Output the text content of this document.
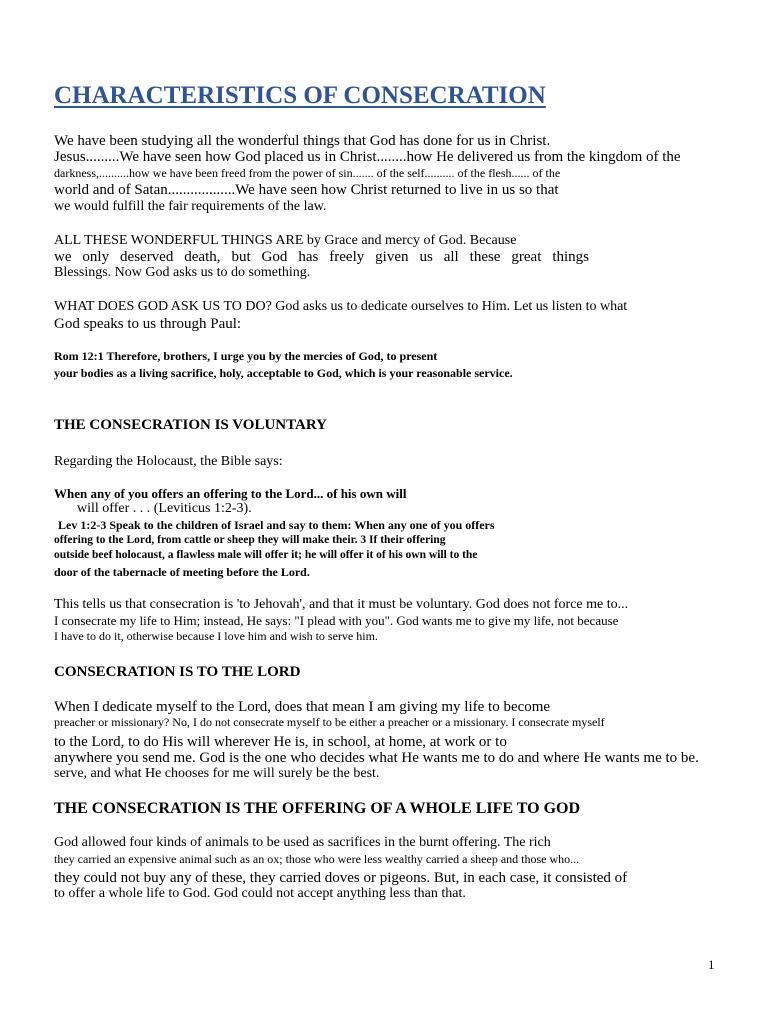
CHARACTERISTICS OF CONSECRATION
We have been studying all the wonderful things that God has done for us in Christ.
Jesus.........We have seen how God placed us in Christ........how He delivered us from the kingdom of the
darkness,..........how we have been freed from the power of sin....... of the self.......... of the flesh...... of the
world and of Satan..................We have seen how Christ returned to live in us so that
we would fulfill the fair requirements of the law.
ALL THESE WONDERFUL THINGS ARE by Grace and mercy of God. Because
we only deserved death, but God has freely given us all these great things
Blessings. Now God asks us to do something.
WHAT DOES GOD ASK US TO DO? God asks us to dedicate ourselves to Him. Let us listen to what
God speaks to us through Paul:
Rom 12:1 Therefore, brothers, I urge you by the mercies of God, to present
your bodies as a living sacrifice, holy, acceptable to God, which is your reasonable service.
THE CONSECRATION IS VOLUNTARY
Regarding the Holocaust, the Bible says:
When any of you offers an offering to the Lord... of his own will
will offer . . . (Leviticus 1:2-3).
Lev 1:2-3 Speak to the children of Israel and say to them: When any one of you offers
offering to the Lord, from cattle or sheep they will make their. 3 If their offering
outside beef holocaust, a flawless male will offer it; he will offer it of his own will to the
door of the tabernacle of meeting before the Lord.
This tells us that consecration is 'to Jehovah', and that it must be voluntary. God does not force me to...
I consecrate my life to Him; instead, He says: "I plead with you". God wants me to give my life, not because
I have to do it, otherwise because I love him and wish to serve him.
CONSECRATION IS TO THE LORD
When I dedicate myself to the Lord, does that mean I am giving my life to become
preacher or missionary? No, I do not consecrate myself to be either a preacher or a missionary. I consecrate myself
to the Lord, to do His will wherever He is, in school, at home, at work or to
anywhere you send me. God is the one who decides what He wants me to do and where He wants me to be.
serve, and what He chooses for me will surely be the best.
THE CONSECRATION IS THE OFFERING OF A WHOLE LIFE TO GOD
God allowed four kinds of animals to be used as sacrifices in the burnt offering. The rich
they carried an expensive animal such as an ox; those who were less wealthy carried a sheep and those who...
they could not buy any of these, they carried doves or pigeons. But, in each case, it consisted of
to offer a whole life to God. God could not accept anything less than that.
1
